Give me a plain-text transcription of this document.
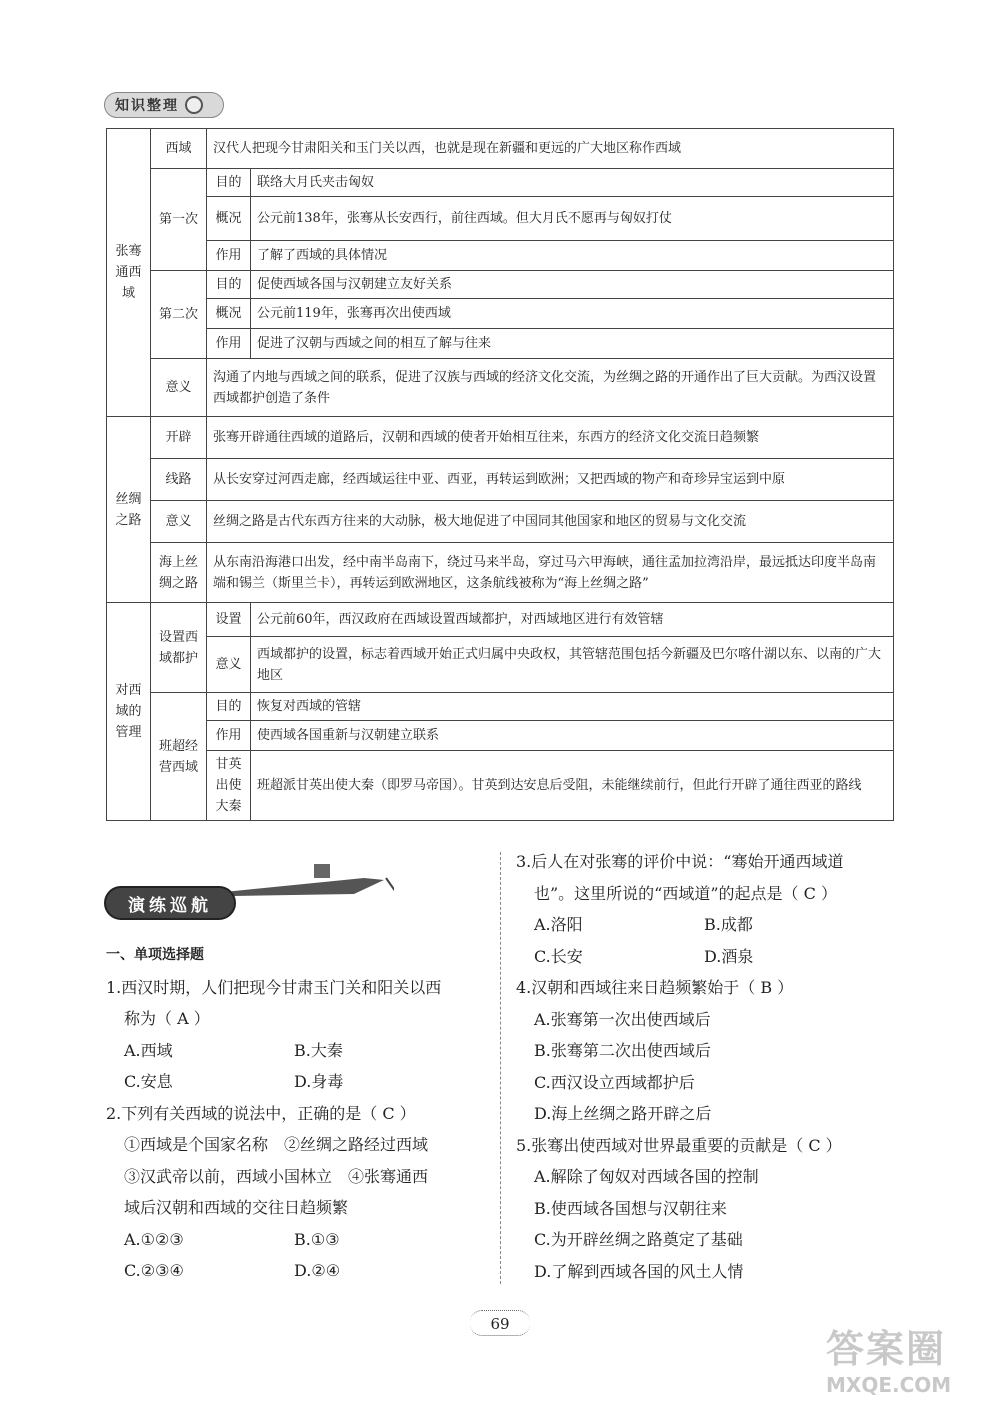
知识整理
张骞通西域	西域	汉代人把现今甘肃阳关和玉门关以西，也就是现在新疆和更远的广大地区称作西域	
	第一次	目的	联络大月氏夹击匈奴
		概况	公元前138年，张骞从长安西行，前往西域。但大月氏不愿再与匈奴打仗
		作用	了解了西域的具体情况
	第二次	目的	促使西域各国与汉朝建立友好关系
		概况	公元前119年，张骞再次出使西域
		作用	促进了汉朝与西域之间的相互了解与往来
	意义	沟通了内地与西域之间的联系，促进了汉族与西域的经济文化交流，为丝绸之路的开通作出了巨大贡献。为西汉设置西域都护创造了条件	

丝绸之路	开辟	张骞开辟通往西域的道路后，汉朝和西域的使者开始相互往来，东西方的经济文化交流日趋频繁	
	线路	从长安穿过河西走廊，经西域运往中亚、西亚，再转运到欧洲；又把西域的物产和奇珍异宝运到中原	
	意义	丝绸之路是古代东西方往来的大动脉，极大地促进了中国同其他国家和地区的贸易与文化交流	
	海上丝绸之路	从东南沿海港口出发，经中南半岛南下，绕过马来半岛，穿过马六甲海峡，通往孟加拉湾沿岸，最远抵达印度半岛南端和锡兰（斯里兰卡），再转运到欧洲地区，这条航线被称为“海上丝绸之路”	
对西域的管理	设置西域都护	设置	公元前60年，西汉政府在西域设置西域都护，对西域地区进行有效管辖
		意义	西域都护的设置，标志着西域开始正式归属中央政权，其管辖范围包括今新疆及巴尔喀什湖以东、以南的广大地区
	班超经营西域	目的	恢复对西域的管辖
		作用	使西域各国重新与汉朝建立联系
		甘英出使大秦	班超派甘英出使大秦（即罗马帝国）。甘英到达安息后受阻，未能继续前行，但此行开辟了通往西亚的路线
演练巡航
一、单项选择题
1.西汉时期，人们把现今甘肃玉门关和阳关以西
称为（ A ）
A.西域	B.大秦
C.安息	D.身毒
2.下列有关西域的说法中，正确的是（ C ）
①西域是个国家名称　②丝绸之路经过西域
③汉武帝以前，西域小国林立　④张骞通西
域后汉朝和西域的交往日趋频繁
A.①②③	B.①③
C.②③④	D.②④
3.后人在对张骞的评价中说：“骞始开通西域道
也”。这里所说的“西域道”的起点是（ C ）
A.洛阳	B.成都
C.长安	D.酒泉
4.汉朝和西域往来日趋频繁始于（ B ）
A.张骞第一次出使西域后
B.张骞第二次出使西域后
C.西汉设立西域都护后
D.海上丝绸之路开辟之后
5.张骞出使西域对世界最重要的贡献是（ C ）
A.解除了匈奴对西域各国的控制
B.使西域各国想与汉朝往来
C.为开辟丝绸之路奠定了基础
D.了解到西域各国的风土人情
69
答案圈
MXQE.COM
